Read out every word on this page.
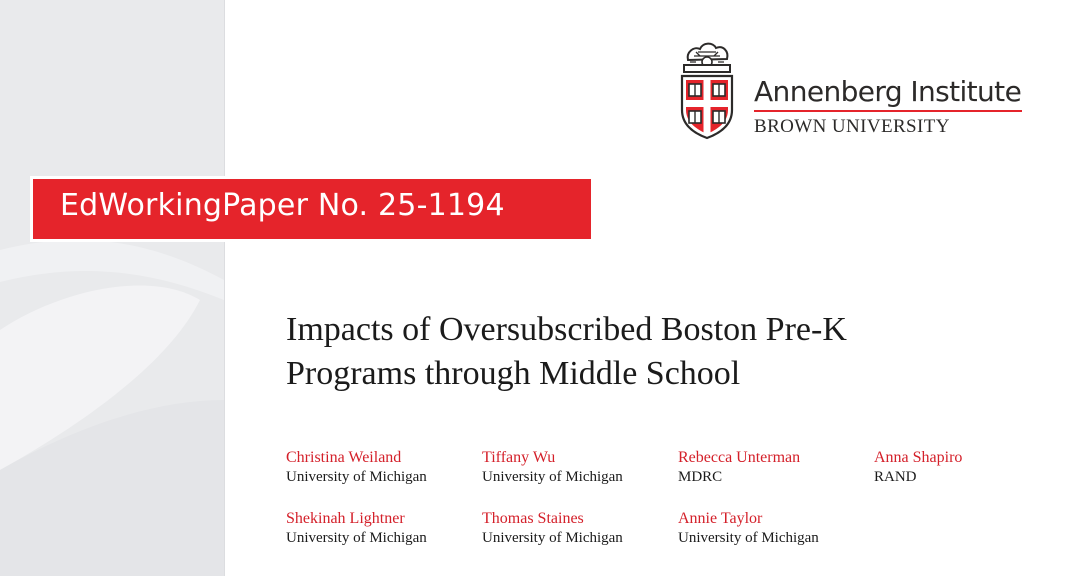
EdWorkingPaper No. 25-1194
Annenberg Institute
BROWN UNIVERSITY
Impacts of Oversubscribed Boston Pre-K
Programs through Middle School
Christina Weiland
University of Michigan
Tiffany Wu
University of Michigan
Rebecca Unterman
MDRC
Anna Shapiro
RAND
Shekinah Lightner
University of Michigan
Thomas Staines
University of Michigan
Annie Taylor
University of Michigan
